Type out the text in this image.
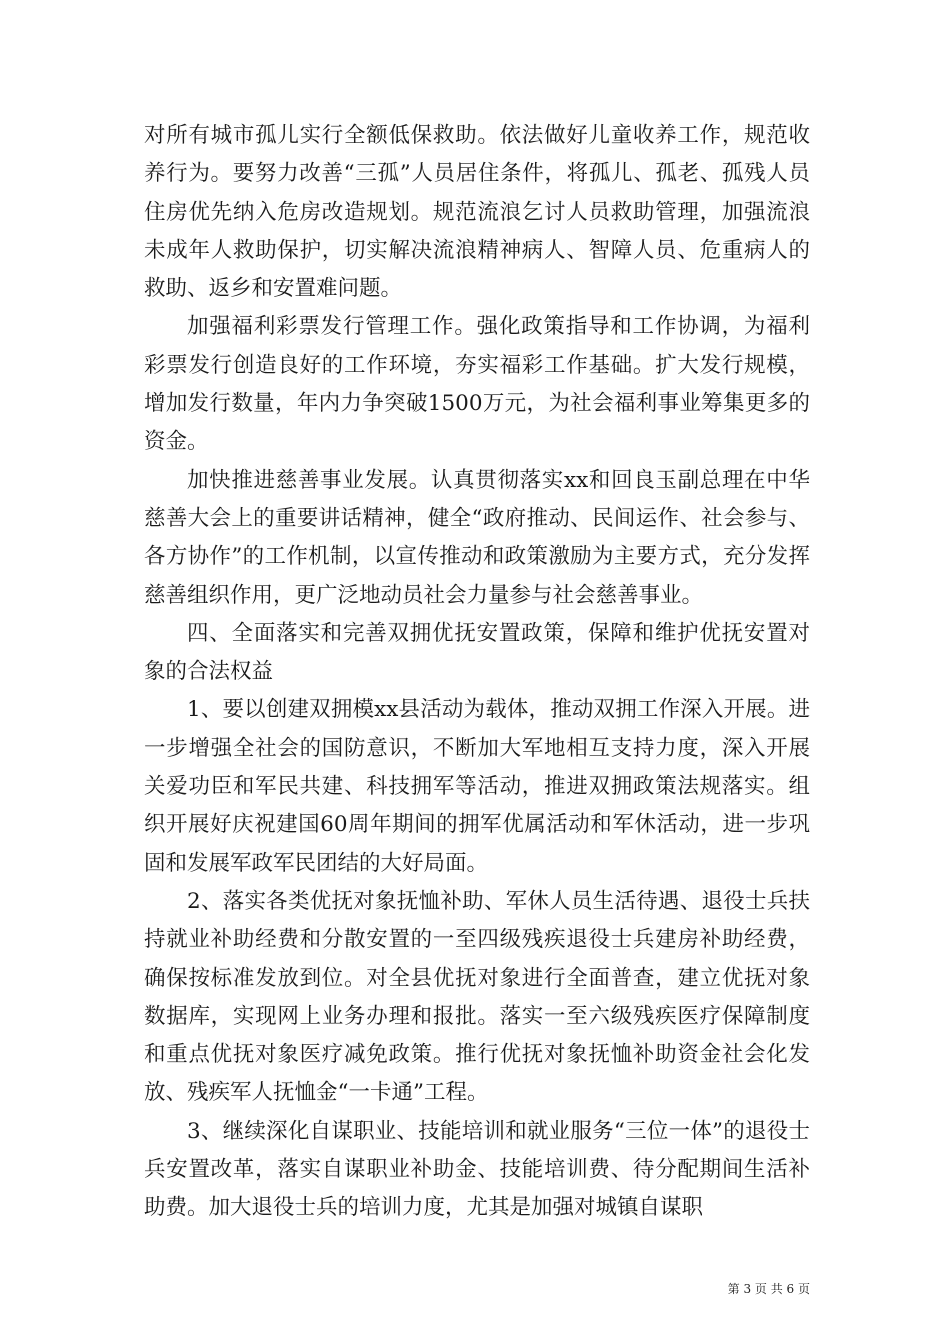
对所有城市孤儿实行全额低保救助。依法做好儿童收养工作，规范收养行为。要努力改善“三孤”人员居住条件，将孤儿、孤老、孤残人员住房优先纳入危房改造规划。规范流浪乞讨人员救助管理，加强流浪未成年人救助保护，切实解决流浪精神病人、智障人员、危重病人的救助、返乡和安置难问题。

加强福利彩票发行管理工作。强化政策指导和工作协调，为福利彩票发行创造良好的工作环境，夯实福彩工作基础。扩大发行规模，增加发行数量，年内力争突破1500万元，为社会福利事业筹集更多的资金。

加快推进慈善事业发展。认真贯彻落实xx和回良玉副总理在中华慈善大会上的重要讲话精神，健全“政府推动、民间运作、社会参与、各方协作”的工作机制，以宣传推动和政策激励为主要方式，充分发挥慈善组织作用，更广泛地动员社会力量参与社会慈善事业。

四、全面落实和完善双拥优抚安置政策，保障和维护优抚安置对象的合法权益

1、要以创建双拥模xx县活动为载体，推动双拥工作深入开展。进一步增强全社会的国防意识，不断加大军地相互支持力度，深入开展关爱功臣和军民共建、科技拥军等活动，推进双拥政策法规落实。组织开展好庆祝建国60周年期间的拥军优属活动和军休活动，进一步巩固和发展军政军民团结的大好局面。

2、落实各类优抚对象抚恤补助、军休人员生活待遇、退役士兵扶持就业补助经费和分散安置的一至四级残疾退役士兵建房补助经费，确保按标准发放到位。对全县优抚对象进行全面普查，建立优抚对象数据库，实现网上业务办理和报批。落实一至六级残疾医疗保障制度和重点优抚对象医疗减免政策。推行优抚对象抚恤补助资金社会化发放、残疾军人抚恤金“一卡通”工程。

3、继续深化自谋职业、技能培训和就业服务“三位一体”的退役士兵安置改革，落实自谋职业补助金、技能培训费、待分配期间生活补助费。加大退役士兵的培训力度，尤其是加强对城镇自谋职

第 3 页 共 6 页
